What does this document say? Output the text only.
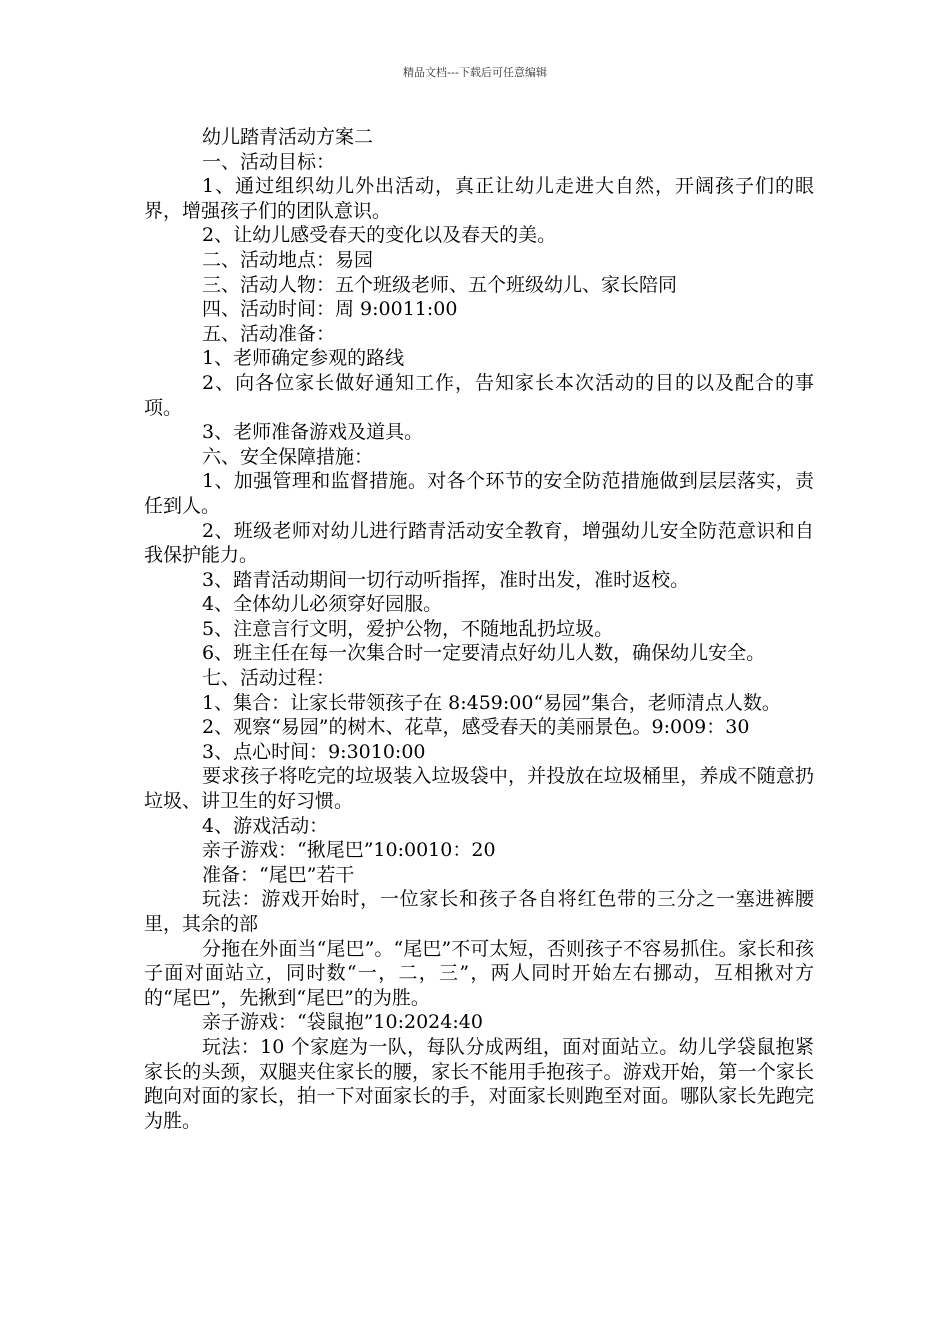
精品文档---下载后可任意编辑

幼儿踏青活动方案二

一、活动目标：

1、通过组织幼儿外出活动，真正让幼儿走进大自然，开阔孩子们的眼界，增强孩子们的团队意识。

2、让幼儿感受春天的变化以及春天的美。

二、活动地点：易园

三、活动人物：五个班级老师、五个班级幼儿、家长陪同

四、活动时间：周 9:0011:00

五、活动准备：

1、老师确定参观的路线

2、向各位家长做好通知工作，告知家长本次活动的目的以及配合的事项。

3、老师准备游戏及道具。

六、安全保障措施：

1、加强管理和监督措施。对各个环节的安全防范措施做到层层落实，责任到人。

2、班级老师对幼儿进行踏青活动安全教育，增强幼儿安全防范意识和自我保护能力。

3、踏青活动期间一切行动听指挥，准时出发，准时返校。

4、全体幼儿必须穿好园服。

5、注意言行文明，爱护公物，不随地乱扔垃圾。

6、班主任在每一次集合时一定要清点好幼儿人数，确保幼儿安全。

七、活动过程：

1、集合：让家长带领孩子在 8:459:00“易园”集合，老师清点人数。

2、观察“易园”的树木、花草，感受春天的美丽景色。9:009：30

3、点心时间：9:3010:00

要求孩子将吃完的垃圾装入垃圾袋中，并投放在垃圾桶里，养成不随意扔垃圾、讲卫生的好习惯。

4、游戏活动：

亲子游戏：“揪尾巴”10:0010：20

准备：“尾巴”若干

玩法：游戏开始时，一位家长和孩子各自将红色带的三分之一塞进裤腰里，其余的部

分拖在外面当“尾巴”。“尾巴”不可太短，否则孩子不容易抓住。家长和孩子面对面站立，同时数“一，二，三”，两人同时开始左右挪动，互相揪对方的“尾巴”，先揪到“尾巴”的为胜。

亲子游戏：“袋鼠抱”10:2024:40

玩法：10 个家庭为一队，每队分成两组，面对面站立。幼儿学袋鼠抱紧家长的头颈，双腿夹住家长的腰，家长不能用手抱孩子。游戏开始，第一个家长跑向对面的家长，拍一下对面家长的手，对面家长则跑至对面。哪队家长先跑完为胜。
